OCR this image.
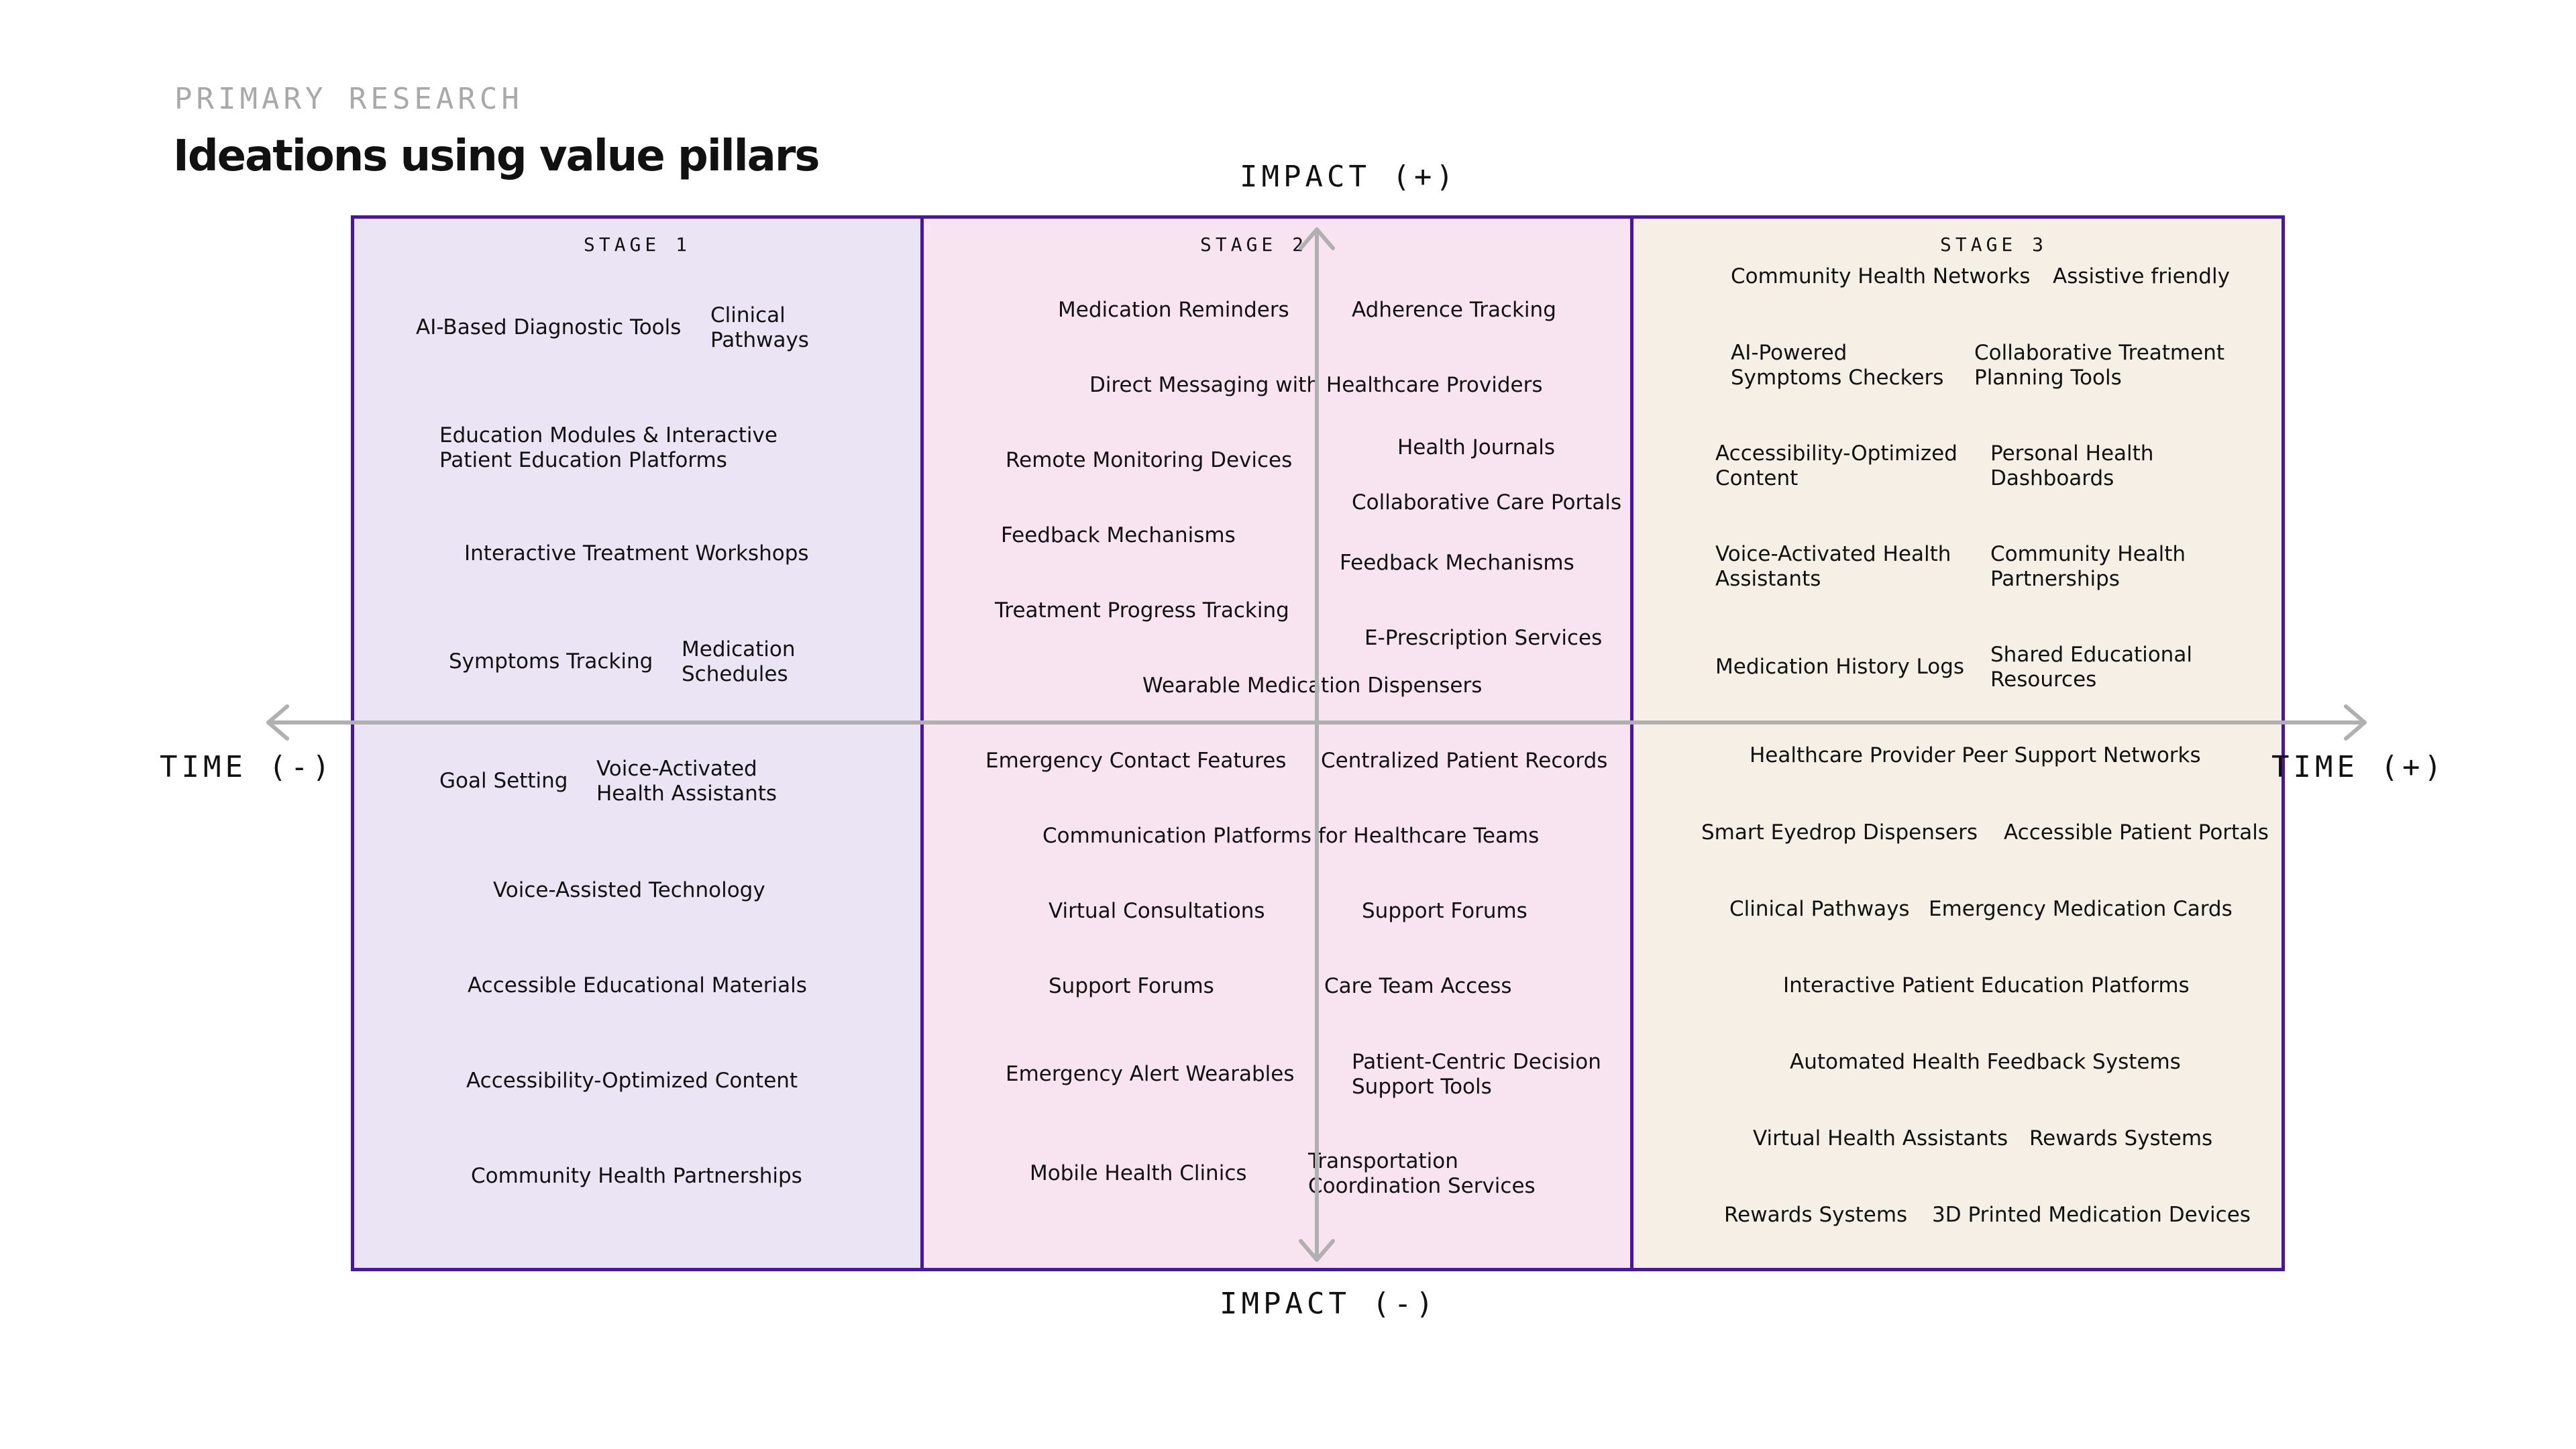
PRIMARY RESEARCH
Ideations using value pillars
STAGE 1
AI-Based Diagnostic Tools Clinical
Pathways
Education Modules & Interactive
Patient Education Platforms
Interactive Treatment Workshops
Symptoms Tracking Medication
Schedules
Goal Setting Voice-Activated
Health Assistants
Voice-Assisted Technology
Accessible Educational Materials
Accessibility-Optimized Content
Community Health Partnerships
STAGE 2
Medication Reminders	Adherence Tracking
Direct Messaging with Healthcare Providers
Remote Monitoring Devices
Health Journals
Collaborative Care Portals
Feedback Mechanisms
Feedback Mechanisms
Treatment Progress Tracking
E-Prescription Services
Wearable Medication Dispensers
Emergency Contact Features Centralized Patient Records
Communication Platforms for Healthcare Teams
Virtual Consultations	Support Forums
Support Forums	Care Team Access
Emergency Alert Wearables	Patient-Centric Decision
Support Tools
Mobile Health Clinics	Transportation
Coordination Services
STAGE 3
Community Health Networks Assistive friendly
AI-Powered
Symptoms Checkers
Collaborative Treatment
Planning Tools
Accessibility-Optimized
Content
Personal Health
Dashboards
Voice-Activated Health
Assistants
Community Health
Partnerships
Medication History Logs Shared Educational
Resources
Healthcare Provider Peer Support Networks
Smart Eyedrop Dispensers Accessible Patient Portals
Clinical Pathways Emergency Medication Cards
Interactive Patient Education Platforms
Automated Health Feedback Systems
Virtual Health Assistants Rewards Systems
Rewards Systems 3D Printed Medication Devices
IMPACT (+)
IMPACT (-)
TIME (-)	TIME (+)
